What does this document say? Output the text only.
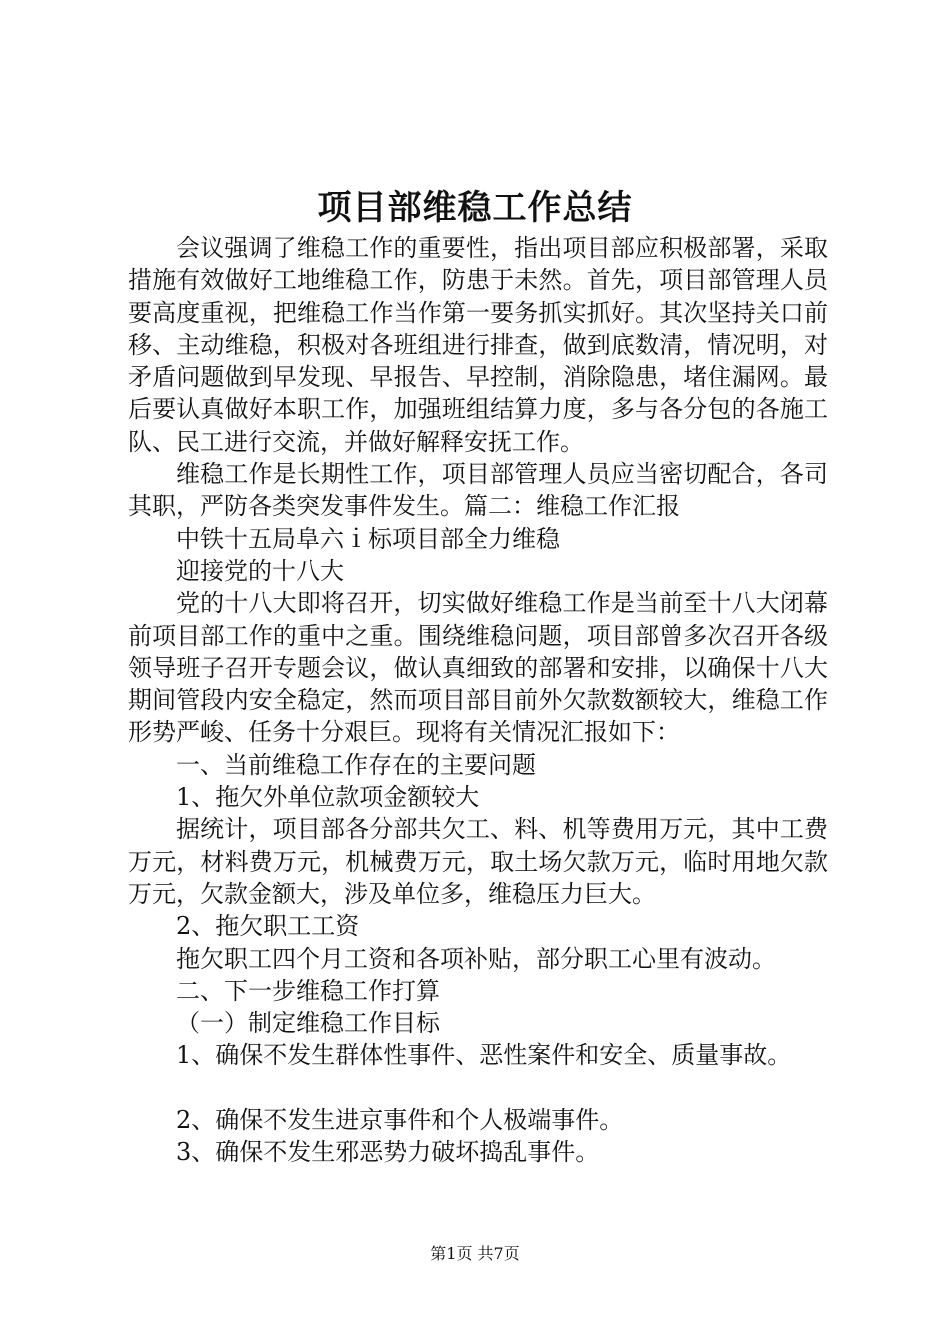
项目部维稳工作总结

会议强调了维稳工作的重要性，指出项目部应积极部署，采取措施有效做好工地维稳工作，防患于未然。首先，项目部管理人员要高度重视，把维稳工作当作第一要务抓实抓好。其次坚持关口前移、主动维稳，积极对各班组进行排查，做到底数清，情况明，对矛盾问题做到早发现、早报告、早控制，消除隐患，堵住漏网。最后要认真做好本职工作，加强班组结算力度，多与各分包的各施工队、民工进行交流，并做好解释安抚工作。

维稳工作是长期性工作，项目部管理人员应当密切配合，各司其职，严防各类突发事件发生。篇二：维稳工作汇报

中铁十五局阜六ｉ标项目部全力维稳

迎接党的十八大

党的十八大即将召开，切实做好维稳工作是当前至十八大闭幕前项目部工作的重中之重。围绕维稳问题，项目部曾多次召开各级领导班子召开专题会议，做认真细致的部署和安排，以确保十八大期间管段内安全稳定，然而项目部目前外欠款数额较大，维稳工作形势严峻、任务十分艰巨。现将有关情况汇报如下：

一、当前维稳工作存在的主要问题

1、拖欠外单位款项金额较大

据统计，项目部各分部共欠工、料、机等费用万元，其中工费万元，材料费万元，机械费万元，取土场欠款万元，临时用地欠款万元，欠款金额大，涉及单位多，维稳压力巨大。

2、拖欠职工工资

拖欠职工四个月工资和各项补贴，部分职工心里有波动。

二、下一步维稳工作打算

（一）制定维稳工作目标

1、确保不发生群体性事件、恶性案件和安全、质量事故。

2、确保不发生进京事件和个人极端事件。

3、确保不发生邪恶势力破坏捣乱事件。

第1页 共7页
